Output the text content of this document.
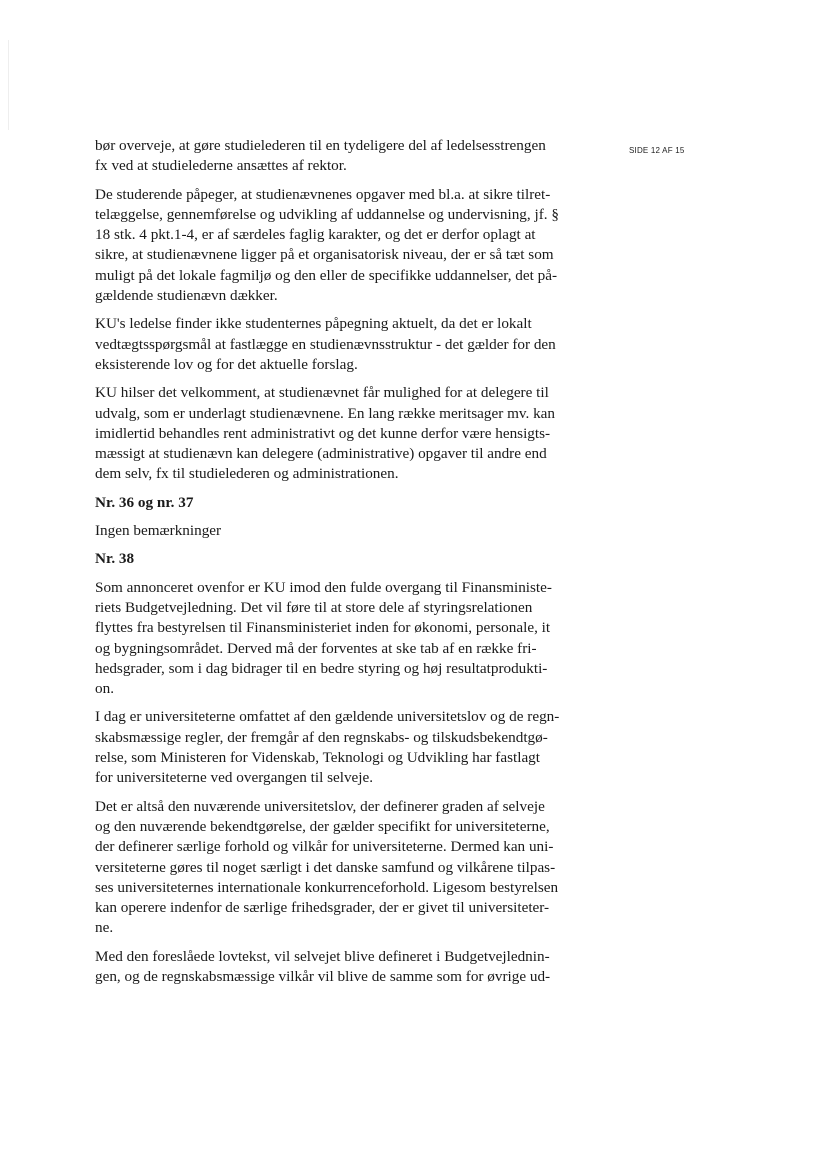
SIDE 12 AF 15

bør overveje, at gøre studielederen til en tydeligere del af ledelsesstrengen
fx ved at studielederne ansættes af rektor.

De studerende påpeger, at studienævnenes opgaver med bl.a. at sikre tilret-
telæggelse, gennemførelse og udvikling af uddannelse og undervisning, jf. §
18 stk. 4 pkt.1-4, er af særdeles faglig karakter, og det er derfor oplagt at
sikre, at studienævnene ligger på et organisatorisk niveau, der er så tæt som
muligt på det lokale fagmiljø og den eller de specifikke uddannelser, det på-
gældende studienævn dækker.

KU's ledelse finder ikke studenternes påpegning aktuelt, da det er lokalt
vedtægtsspørgsmål at fastlægge en studienævnsstruktur - det gælder for den
eksisterende lov og for det aktuelle forslag.

KU hilser det velkomment, at studienævnet får mulighed for at delegere til
udvalg, som er underlagt studienævnene. En lang række meritsager mv. kan
imidlertid behandles rent administrativt og det kunne derfor være hensigts-
mæssigt at studienævn kan delegere (administrative) opgaver til andre end
dem selv, fx til studielederen og administrationen.

Nr. 36 og nr. 37

Ingen bemærkninger

Nr. 38

Som annonceret ovenfor er KU imod den fulde overgang til Finansministe-
riets Budgetvejledning. Det vil føre til at store dele af styringsrelationen
flyttes fra bestyrelsen til Finansministeriet inden for økonomi, personale, it
og bygningsområdet. Derved må der forventes at ske tab af en række fri-
hedsgrader, som i dag bidrager til en bedre styring og høj resultatprodukti-
on.

I dag er universiteterne omfattet af den gældende universitetslov og de regn-
skabsmæssige regler, der fremgår af den regnskabs- og tilskudsbekendtgø-
relse, som Ministeren for Videnskab, Teknologi og Udvikling har fastlagt
for universiteterne ved overgangen til selveje.

Det er altså den nuværende universitetslov, der definerer graden af selveje
og den nuværende bekendtgørelse, der gælder specifikt for universiteterne,
der definerer særlige forhold og vilkår for universiteterne. Dermed kan uni-
versiteterne gøres til noget særligt i det danske samfund og vilkårene tilpas-
ses universiteternes internationale konkurrenceforhold. Ligesom bestyrelsen
kan operere indenfor de særlige frihedsgrader, der er givet til universiteter-
ne.

Med den foreslåede lovtekst, vil selvejet blive defineret i Budgetvejlednin-
gen, og de regnskabsmæssige vilkår vil blive de samme som for øvrige ud-
